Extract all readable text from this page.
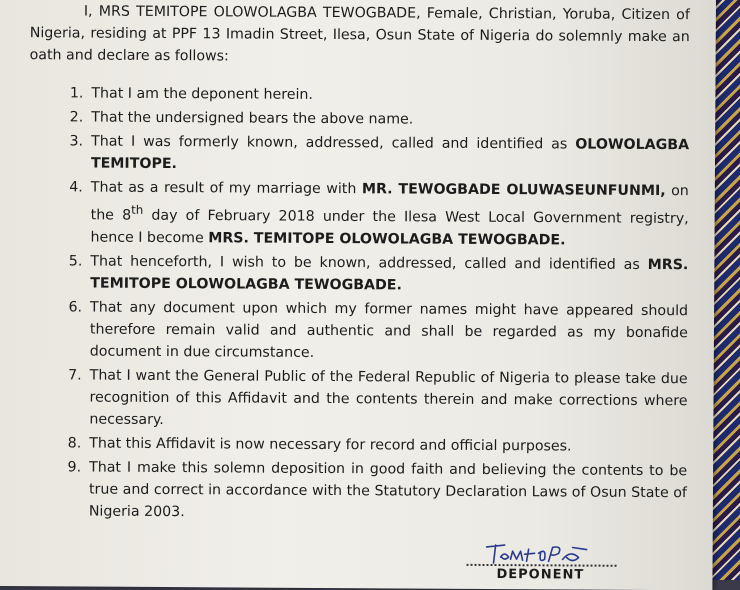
I, MRS TEMITOPE OLOWOLAGBA TEWOGBADE, Female, Christian, Yoruba, Citizen of Nigeria, residing at PPF 13 Imadin Street, Ilesa, Osun State of Nigeria do solemnly make an oath and declare as follows:

1. That I am the deponent herein.
2. That the undersigned bears the above name.
3. That I was formerly known, addressed, called and identified as OLOWOLAGBA TEMITOPE.
4. That as a result of my marriage with MR. TEWOGBADE OLUWASEUNFUNMI, on the 8th day of February 2018 under the Ilesa West Local Government registry, hence I become MRS. TEMITOPE OLOWOLAGBA TEWOGBADE.
5. That henceforth, I wish to be known, addressed, called and identified as MRS. TEMITOPE OLOWOLAGBA TEWOGBADE.
6. That any document upon which my former names might have appeared should therefore remain valid and authentic and shall be regarded as my bonafide document in due circumstance.
7. That I want the General Public of the Federal Republic of Nigeria to please take due recognition of this Affidavit and the contents therein and make corrections where necessary.
8. That this Affidavit is now necessary for record and official purposes.
9. That I make this solemn deposition in good faith and believing the contents to be true and correct in accordance with the Statutory Declaration Laws of Osun State of Nigeria 2003.
DEPONENT
